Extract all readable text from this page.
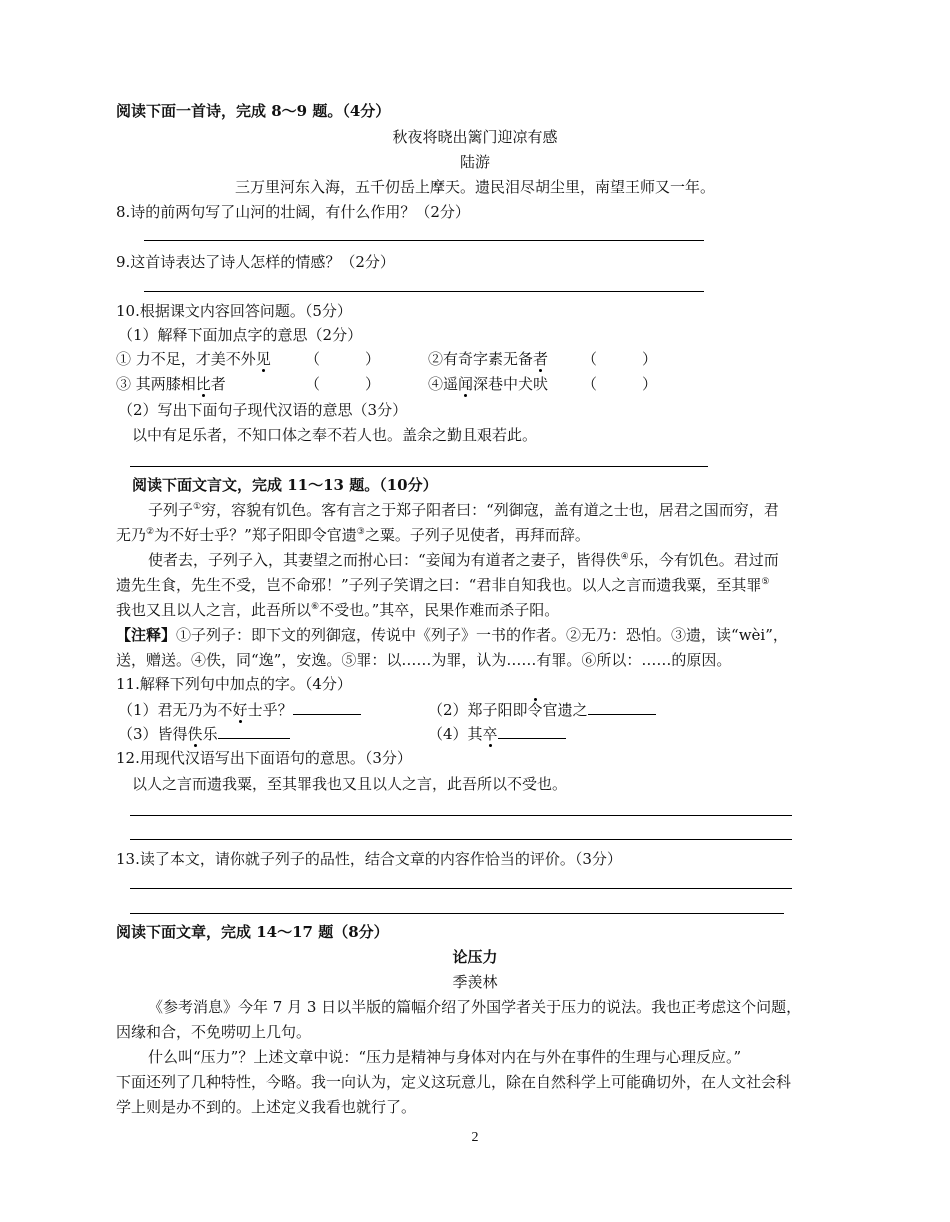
阅读下面一首诗，完成 8～9 题。（4分）
秋夜将晓出篱门迎凉有感
陆游
三万里河东入海，五千仞岳上摩天。遗民泪尽胡尘里，南望王师又一年。
8.诗的前两句写了山河的壮阔，有什么作用？（2分）
9.这首诗表达了诗人怎样的情感？（2分）
10.根据课文内容回答问题。（5分）
（1）解释下面加点字的意思（2分）
① 力不足，才美不外见 （　　　）	②有奇字素无备者 （　　　）
③ 其两膝相比者	（　　　）	④遥闻深巷中犬吠 （　　　）
（2）写出下面句子现代汉语的意思（3分）
以中有足乐者，不知口体之奉不若人也。盖余之勤且艰若此。
阅读下面文言文，完成 11～13 题。（10分）
子列子①穷，容貌有饥色。客有言之于郑子阳者曰：“列御寇，盖有道之士也，居君之国而穷，君
无乃②为不好士乎？”郑子阳即令官遗③之粟。子列子见使者，再拜而辞。
使者去，子列子入，其妻望之而拊心曰：“妾闻为有道者之妻子，皆得佚④乐，今有饥色。君过而
遗先生食，先生不受，岂不命邪！”子列子笑谓之曰：“君非自知我也。以人之言而遗我粟，至其罪⑤
我也又且以人之言，此吾所以⑥不受也。”其卒，民果作难而杀子阳。
【注释】①子列子：即下文的列御寇，传说中《列子》一书的作者。②无乃：恐怕。③遗，读“wèi”，
送，赠送。④佚，同“逸”，安逸。⑤罪：以……为罪，认为……有罪。⑥所以：……的原因。
11.解释下列句中加点的字。（4分）
（1）君无乃为不好士乎？	（2）郑子阳即令官遗之
（3）皆得佚乐	（4）其卒
12.用现代汉语写出下面语句的意思。（3分）
以人之言而遗我粟，至其罪我也又且以人之言，此吾所以不受也。
13.读了本文，请你就子列子的品性，结合文章的内容作恰当的评价。（3分）
阅读下面文章，完成 14～17 题（8分）
论压力
季羡林
《参考消息》今年 7 月 3 日以半版的篇幅介绍了外国学者关于压力的说法。我也正考虑这个问题，
因缘和合，不免唠叨上几句。
什么叫“压力”？上述文章中说：“压力是精神与身体对内在与外在事件的生理与心理反应。”
下面还列了几种特性，今略。我一向认为，定义这玩意儿，除在自然科学上可能确切外，在人文社会科
学上则是办不到的。上述定义我看也就行了。
2
